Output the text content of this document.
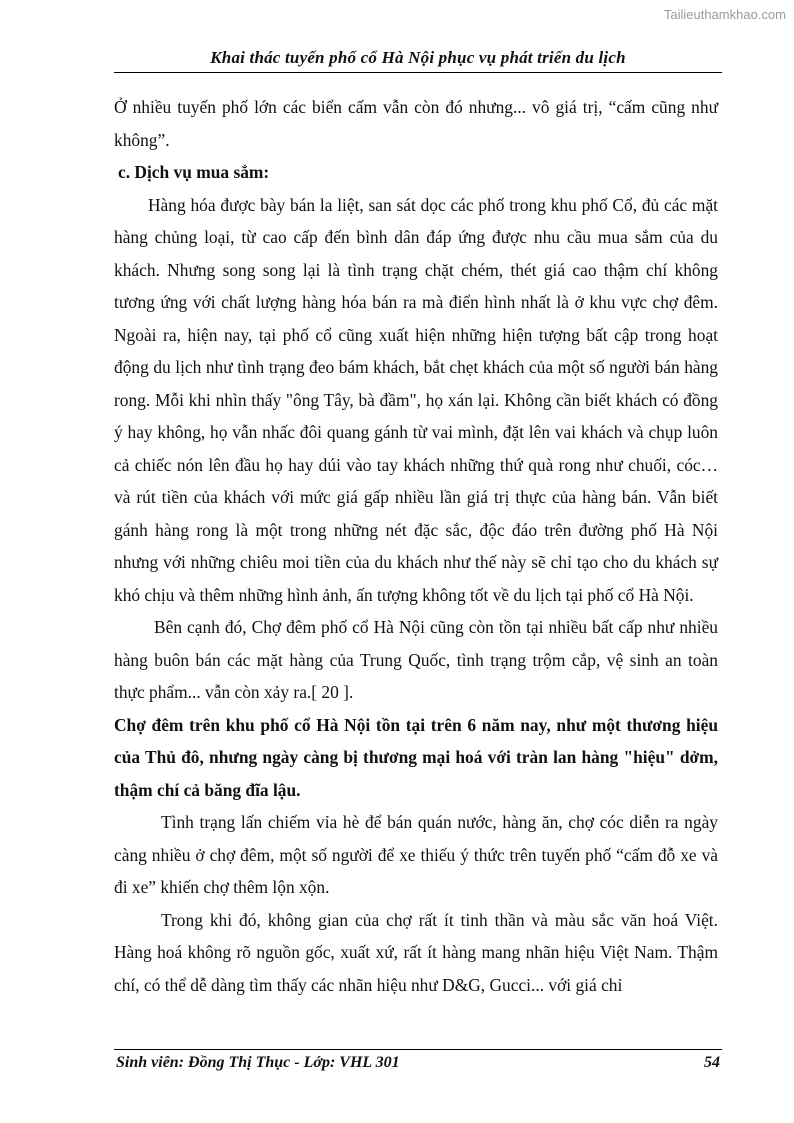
Tailieuthamkhao.com
Khai thác tuyến phố cổ Hà Nội phục vụ phát triển du lịch

Ở nhiều tuyến phố lớn các biển cấm vẫn còn đó nhưng... vô giá trị, “cấm cũng như không”.

c. Dịch vụ mua sắm:

Hàng hóa được bày bán la liệt, san sát dọc các phố trong khu phố Cổ, đủ các mặt hàng chủng loại, từ cao cấp đến bình dân đáp ứng được nhu cầu mua sắm của du khách. Nhưng song song lại là tình trạng chặt chém, thét giá cao thậm chí không tương ứng với chất lượng hàng hóa bán ra mà điển hình nhất là ở khu vực chợ đêm. Ngoài ra, hiện nay, tại phố cổ cũng xuất hiện những hiện tượng bất cập trong hoạt động du lịch như tình trạng đeo bám khách, bắt chẹt khách của một số người bán hàng rong. Mỗi khi nhìn thấy "ông Tây, bà đầm", họ xán lại. Không cần biết khách có đồng ý hay không, họ vẫn nhấc đôi quang gánh từ vai mình, đặt lên vai khách và chụp luôn cả chiếc nón lên đầu họ hay dúi vào tay khách những thứ quà rong như chuối, cóc… và rút tiền của khách với mức giá gấp nhiều lần giá trị thực của hàng bán. Vẫn biết gánh hàng rong là một trong những nét đặc sắc, độc đáo trên đường phố Hà Nội nhưng với những chiêu moi tiền của du khách như thế này sẽ chỉ tạo cho du khách sự khó chịu và thêm những hình ảnh, ấn tượng không tốt về du lịch tại phố cổ Hà Nội.

Bên cạnh đó, Chợ đêm phố cổ Hà Nội cũng còn tồn tại nhiều bất cấp như nhiều hàng buôn bán các mặt hàng của Trung Quốc, tình trạng trộm cắp, vệ sinh an toàn thực phẩm... vẫn còn xảy ra.[ 20 ].

Chợ đêm trên khu phố cổ Hà Nội tồn tại trên 6 năm nay, như một thương hiệu của Thủ đô, nhưng ngày càng bị thương mại hoá với tràn lan hàng "hiệu" dởm, thậm chí cả băng đĩa lậu.

Tình trạng lấn chiếm vỉa hè để bán quán nước, hàng ăn, chợ cóc diễn ra ngày càng nhiều ở chợ đêm, một số người để xe thiếu ý thức trên tuyến phố “cấm đỗ xe và đi xe” khiến chợ thêm lộn xộn.

Trong khi đó, không gian của chợ rất ít tinh thần và màu sắc văn hoá Việt. Hàng hoá không rõ nguồn gốc, xuất xứ, rất ít hàng mang nhãn hiệu Việt Nam. Thậm chí, có thể dễ dàng tìm thấy các nhãn hiệu như D&G, Gucci... với giá chỉ

Sinh viên: Đồng Thị Thục - Lớp: VHL 301	54
